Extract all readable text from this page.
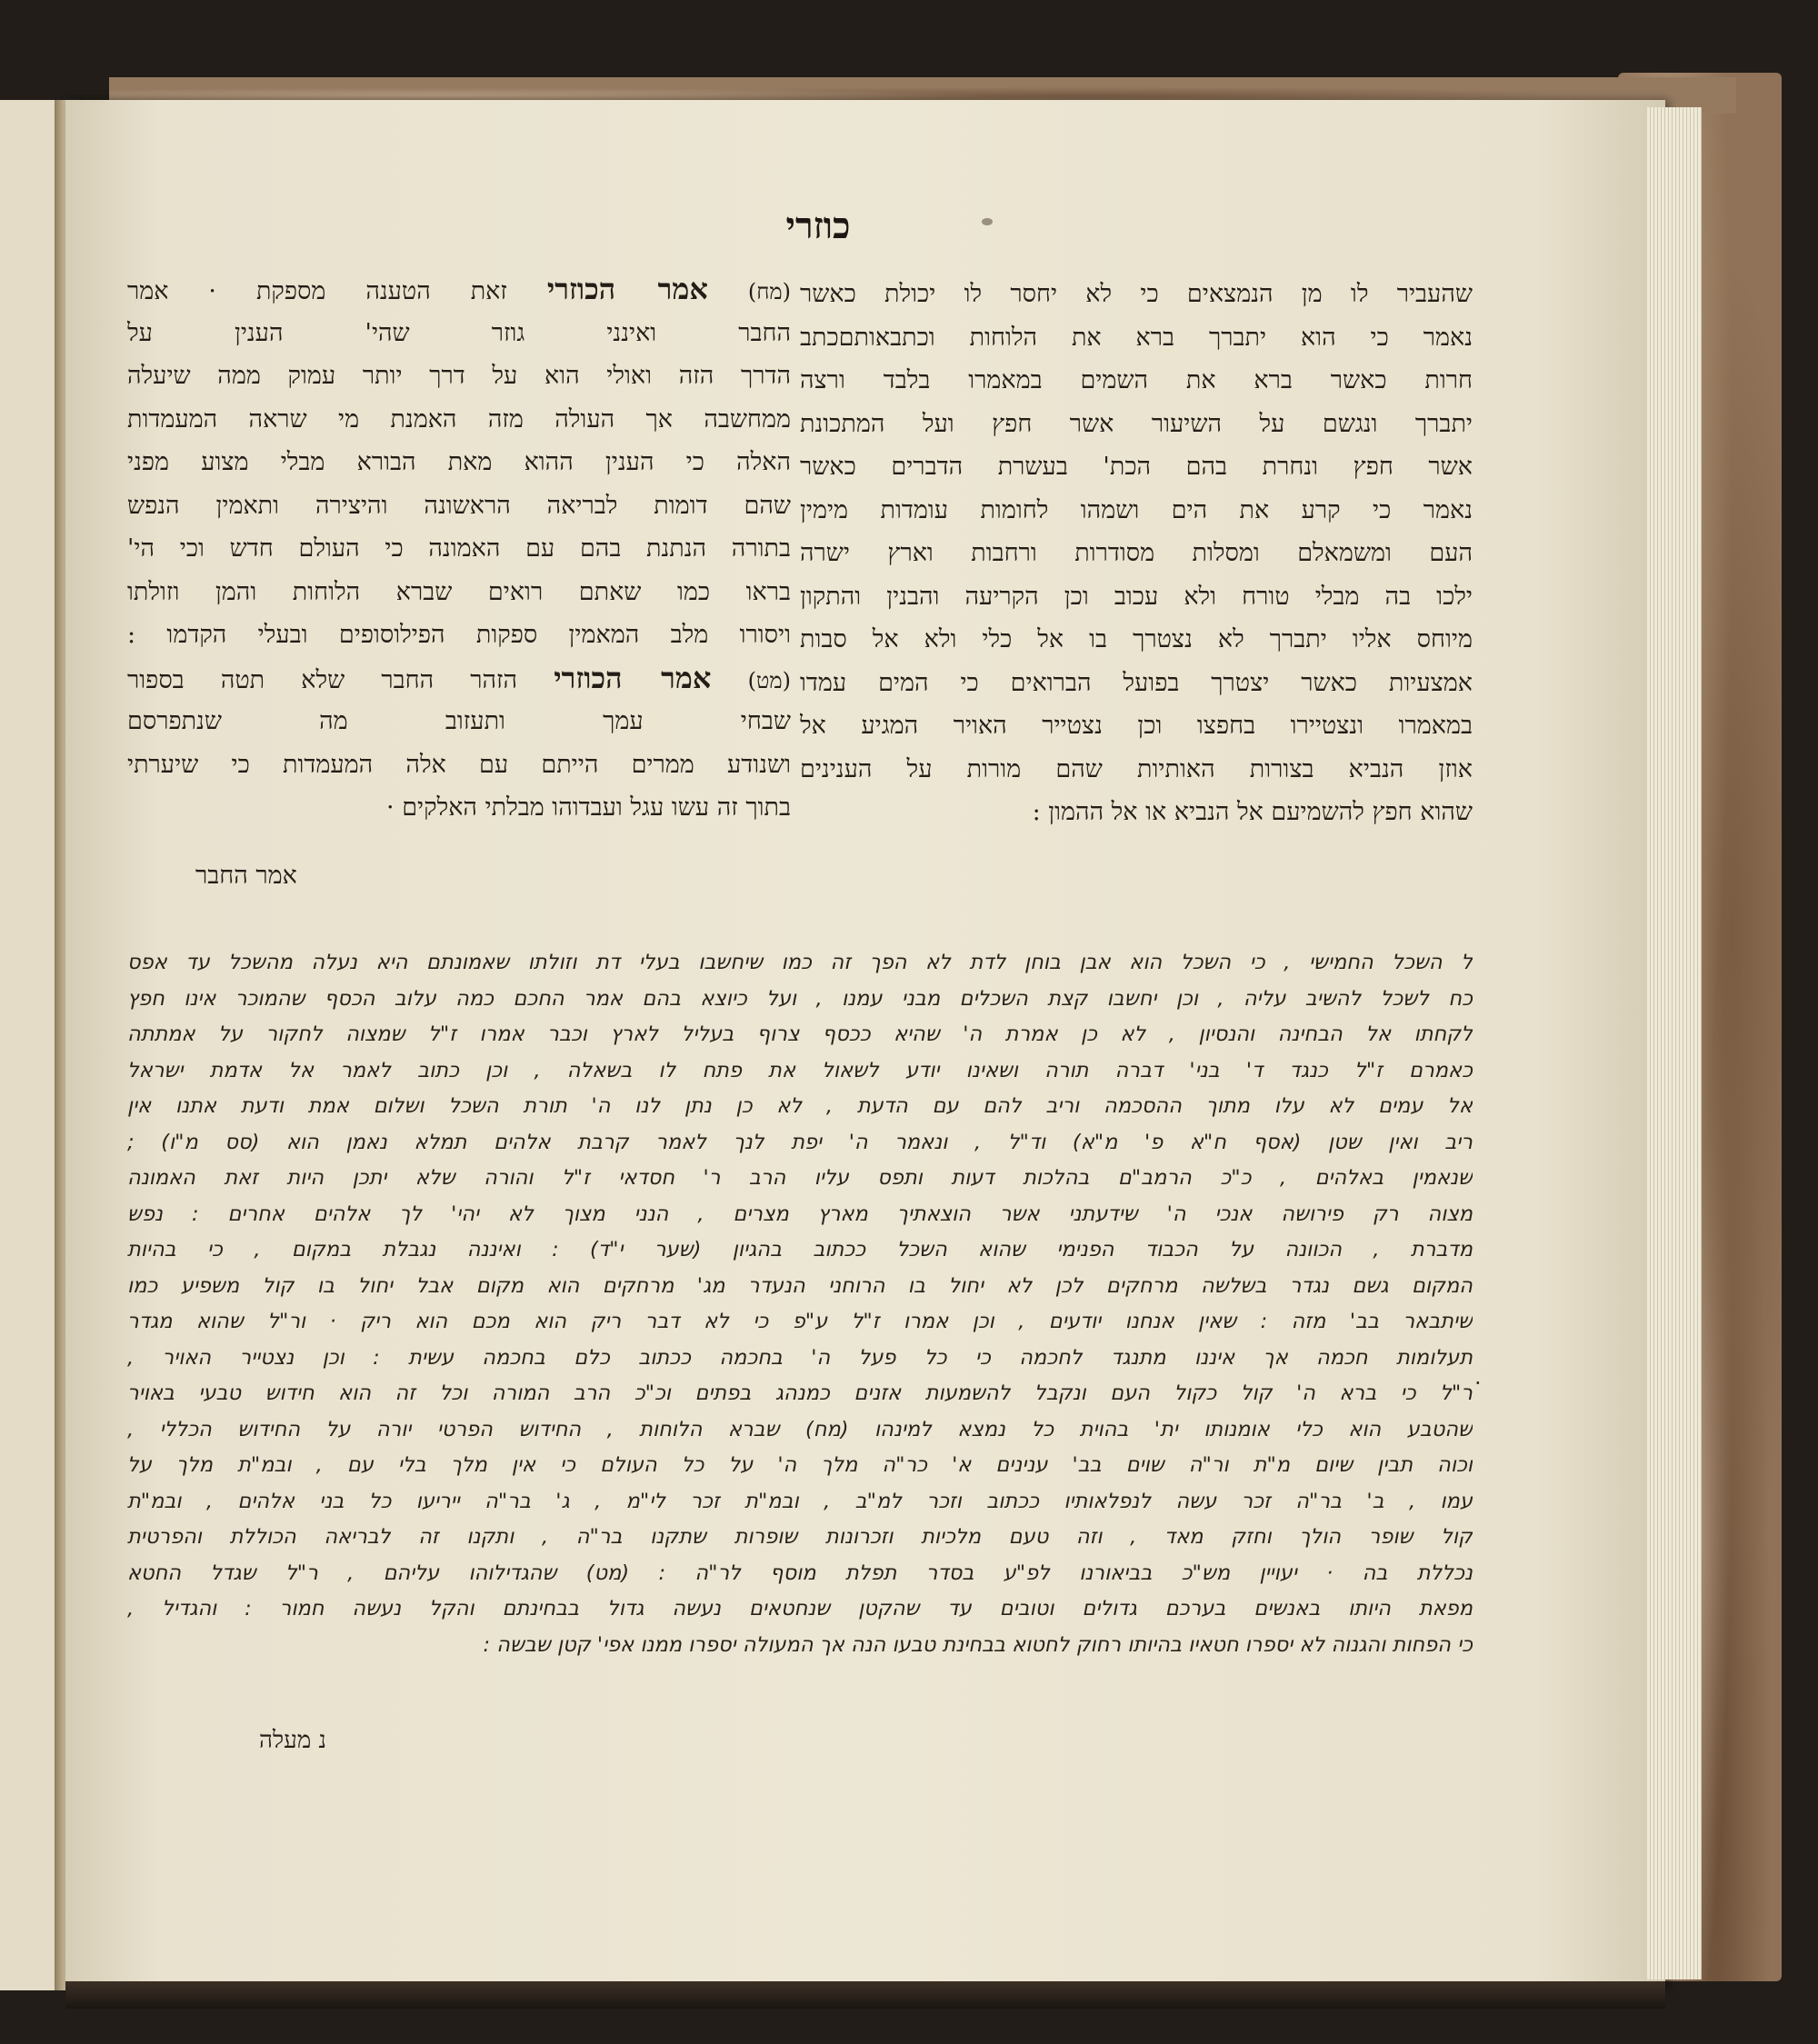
כוזרי
שהעביר לו מן הנמצאים כי לא יחסר לו יכולת כאשר
נאמר כי הוא יתברך ברא את הלוחות וכתבאותםכתב
חרות כאשר ברא את השמים במאמרו בלבד ורצה
יתברך ונגשם על השיעור אשר חפץ ועל המתכונת
אשר חפץ ונחרת בהם הכת' בעשרת הדברים כאשר
נאמר כי קרע את הים ושמהו לחומות עומדות מימין
העם ומשמאלם ומסלות מסודרות ורחבות וארץ ישרה
ילכו בה מבלי טורח ולא עכוב וכן הקריעה והבנין והתקון
מיוחס אליו יתברך לא נצטרך בו אל כלי ולא אל סבות
אמצעיות כאשר יצטרך בפועל הברואים כי המים עמדו
במאמרו ונצטיירו בחפצו וכן נצטייר האויר המגיע אל
אוזן הנביא בצורות האותיות שהם מורות על הענינים
שהוא חפץ להשמיעם אל הנביא או אל ההמון :
(מח) אמר הכוזרי זאת הטענה מספקת · אמר
החבר ואינני גוזר שהי' הענין על
הדרך הזה ואולי הוא על דרך יותר עמוק ממה שיעלה
ממחשבה אך העולה מזה האמנת מי שראה המעמדות
האלה כי הענין ההוא מאת הבורא מבלי מצוע מפני
שהם דומות לבריאה הראשונה והיצירה ותאמין הנפש
בתורה הנתנת בהם עם האמונה כי העולם חדש וכי הי'
בראו כמו שאתם רואים שברא הלוחות והמן וזולתו
ויסורו מלב המאמין ספקות הפילוסופים ובעלי הקדמו :
(מט) אמר הכוזרי הזהר החבר שלא תטה בספור
שבחי עמך ותעזוב מה שנתפרסם
ושנודע ממרים הייתם עם אלה המעמדות כי שיערתי
בתוך זה עשו עגל ועבדוהו מבלתי האלקים ·
אמר החבר
ל השכל החמישי , כי השכל הוא אבן בוחן לדת לא הפך זה כמו שיחשבו בעלי דת וזולתו שאמונתם היא נעלה מהשכל עד אפס
כח לשכל להשיב עליה , וכן יחשבו קצת השכלים מבני עמנו , ועל כיוצא בהם אמר החכם כמה עלוב הכסף שהמוכר אינו חפץ
לקחתו אל הבחינה והנסיון , לא כן אמרת ה' שהיא ככסף צרוף בעליל לארץ וכבר אמרו ז"ל שמצוה לחקור על אמתתה
כאמרם ז"ל כנגד ד' בני' דברה תורה ושאינו יודע לשאול את פתח לו בשאלה , וכן כתוב לאמר אל אדמת ישראל
אל עמים לא עלו מתוך ההסכמה וריב להם עם הדעת , לא כן נתן לנו ה' תורת השכל ושלום אמת ודעת אתנו אין
ריב ואין שטן (אסף ח"א פ' מ"א) וד"ל , ונאמר ה' יפת לנך לאמר קרבת אלהים תמלא נאמן הוא (סס מ"ו) ;
שנאמין באלהים , כ"כ הרמב"ם בהלכות דעות ותפס עליו הרב ר' חסדאי ז"ל והורה שלא יתכן היות זאת האמונה
מצוה רק פירושה אנכי ה' שידעתני אשר הוצאתיך מארץ מצרים , הנני מצוך לא יהי' לך אלהים אחרים : נפש
מדברת , הכוונה על הכבוד הפנימי שהוא השכל ככתוב בהגיון (שער י"ד) : ואיננה נגבלת במקום , כי בהיות
המקום גשם נגדר בשלשה מרחקים לכן לא יחול בו הרוחני הנעדר מג' מרחקים הוא מקום אבל יחול בו קול משפיע כמו
שיתבאר בב' מזה : שאין אנחנו יודעים , וכן אמרו ז"ל ע"פ כי לא דבר ריק הוא מכם הוא ריק · ור"ל שהוא מגדר
תעלומות חכמה אך איננו מתנגד לחכמה כי כל פעל ה' בחכמה ככתוב כלם בחכמה עשית : וכן נצטייר האויר ,
ר"ל כי ברא ה' קול כקול העם ונקבל להשמעות אזנים כמנהג בפתים וכ"כ הרב המורה וכל זה הוא חידוש טבעי באויר
שהטבע הוא כלי אומנותו ית' בהוית כל נמצא למינהו (מח) שברא הלוחות , החידוש הפרטי יורה על החידוש הכללי ,
וכוה תבין שיום מ"ת ור"ה שוים בב' ענינים א' כר"ה מלך ה' על כל העולם כי אין מלך בלי עם , ובמ"ת מלך על
עמו , ב' בר"ה זכר עשה לנפלאותיו ככתוב וזכר למ"ב , ובמ"ת זכר לי"מ , ג' בר"ה ייריעו כל בני אלהים , ובמ"ת
קול שופר הולך וחזק מאד , וזה טעם מלכיות וזכרונות שופרות שתקנו בר"ה , ותקנו זה לבריאה הכוללת והפרטית
נכללת בה · יעויין מש"כ בביאורנו לפ"ע בסדר תפלת מוסף לר"ה : (מט) שהגדילוהו עליהם , ר"ל שגדל החטא
מפאת היותו באנשים בערכם גדולים וטובים עד שהקטן שנחטאים נעשה גדול בבחינתם והקל נעשה חמור : והגדיל ,
כי הפחות והגנוה לא יספרו חטאיו בהיותו רחוק לחטוא בבחינת טבעו הנה אך המעולה יספרו ממנו אפי' קטן שבשה :
·
נ מעלה
